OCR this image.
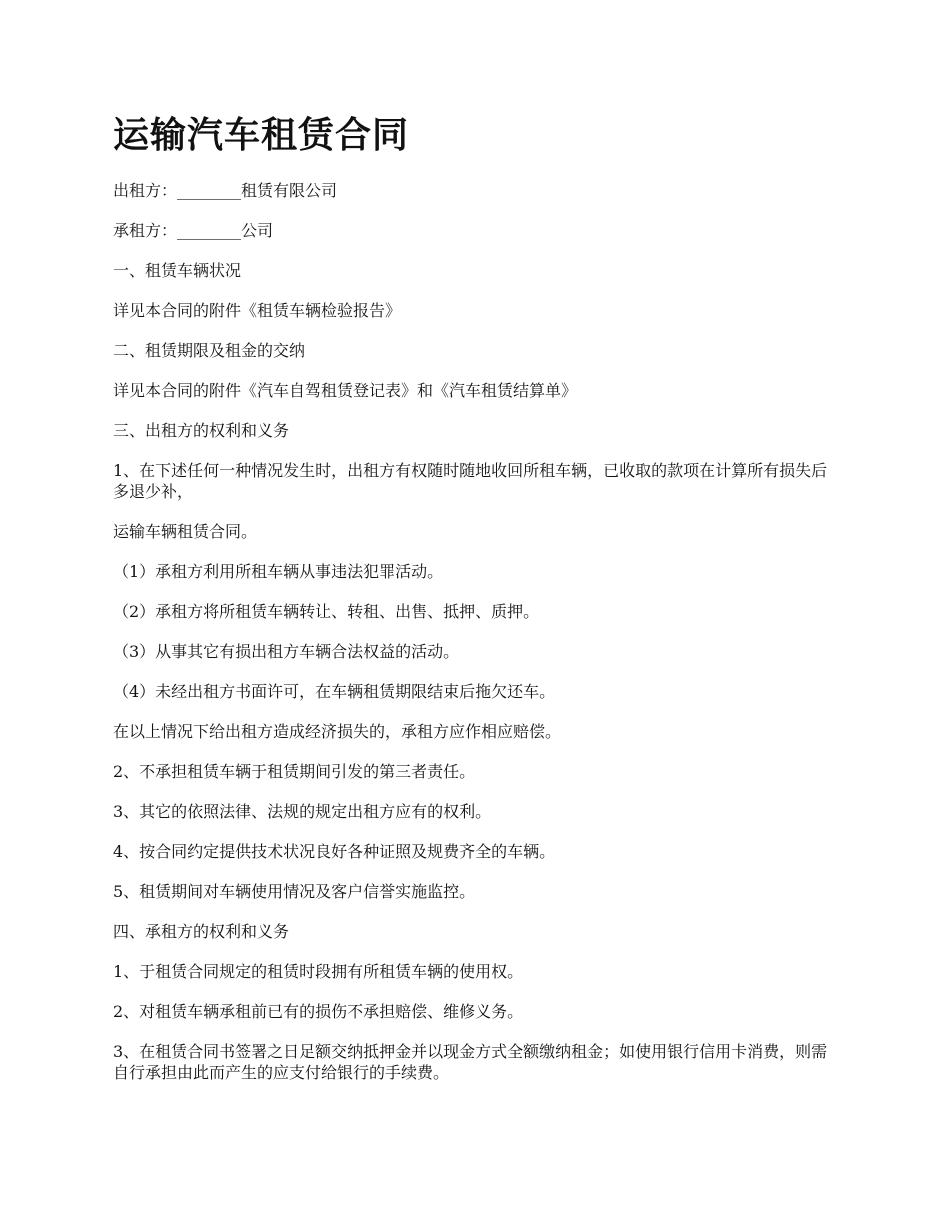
运输汽车租赁合同

出租方：________租赁有限公司

承租方：________公司

一、租赁车辆状况

详见本合同的附件《租赁车辆检验报告》

二、租赁期限及租金的交纳

详见本合同的附件《汽车自驾租赁登记表》和《汽车租赁结算单》

三、出租方的权利和义务

1、在下述任何一种情况发生时，出租方有权随时随地收回所租车辆，已收取的款项在计算所有损失后多退少补，

运输车辆租赁合同。

（1）承租方利用所租车辆从事违法犯罪活动。

（2）承租方将所租赁车辆转让、转租、出售、抵押、质押。

（3）从事其它有损出租方车辆合法权益的活动。

（4）未经出租方书面许可，在车辆租赁期限结束后拖欠还车。

在以上情况下给出租方造成经济损失的，承租方应作相应赔偿。

2、不承担租赁车辆于租赁期间引发的第三者责任。

3、其它的依照法律、法规的规定出租方应有的权利。

4、按合同约定提供技术状况良好各种证照及规费齐全的车辆。

5、租赁期间对车辆使用情况及客户信誉实施监控。

四、承租方的权利和义务

1、于租赁合同规定的租赁时段拥有所租赁车辆的使用权。

2、对租赁车辆承租前已有的损伤不承担赔偿、维修义务。

3、在租赁合同书签署之日足额交纳抵押金并以现金方式全额缴纳租金；如使用银行信用卡消费，则需自行承担由此而产生的应支付给银行的手续费。
